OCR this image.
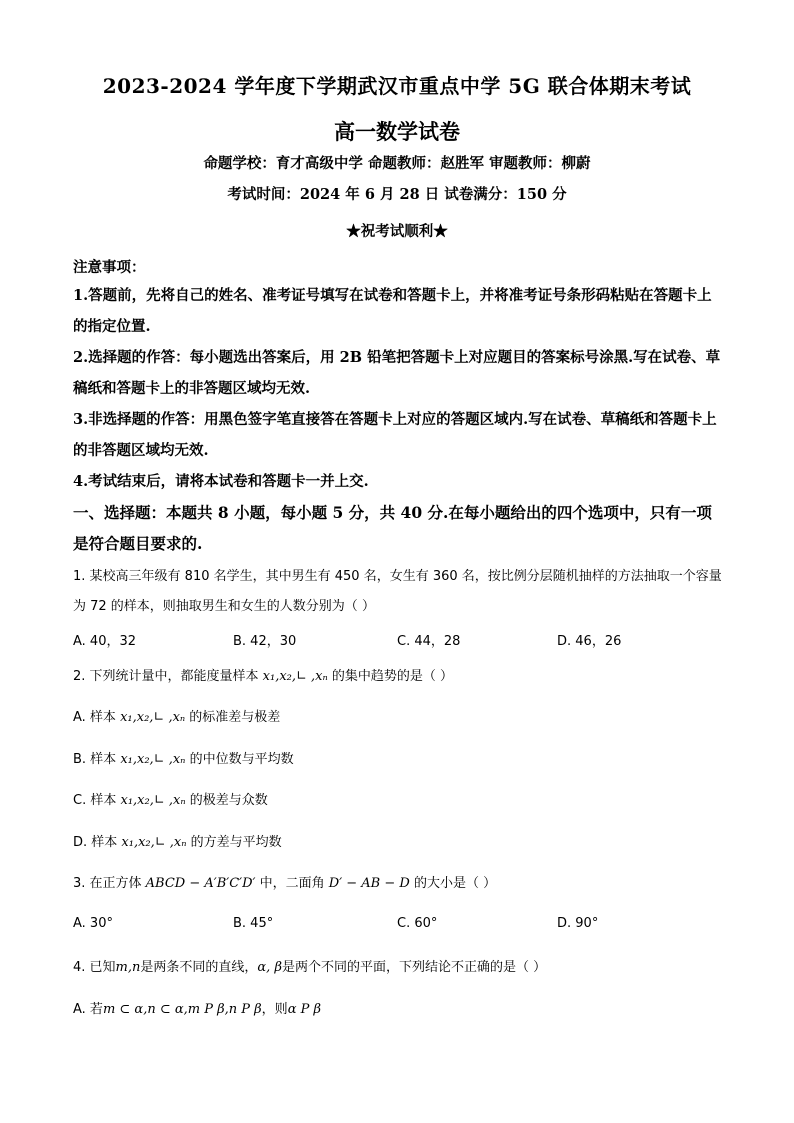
2023-2024 学年度下学期武汉市重点中学 5G 联合体期末考试
高一数学试卷
命题学校：育才高级中学 命题教师：赵胜军 审题教师：柳蔚
考试时间：2024 年 6 月 28 日 试卷满分：150 分
★祝考试顺利★
注意事项：
1.答题前，先将自己的姓名、准考证号填写在试卷和答题卡上，并将准考证号条形码粘贴在答题卡上的指定位置.
2.选择题的作答：每小题选出答案后，用 2B 铅笔把答题卡上对应题目的答案标号涂黑.写在试卷、草稿纸和答题卡上的非答题区域均无效.
3.非选择题的作答：用黑色签字笔直接答在答题卡上对应的答题区域内.写在试卷、草稿纸和答题卡上的非答题区域均无效.
4.考试结束后，请将本试卷和答题卡一并上交.
一、选择题：本题共 8 小题，每小题 5 分，共 40 分.在每小题给出的四个选项中，只有一项是符合题目要求的.
1. 某校高三年级有 810 名学生，其中男生有 450 名，女生有 360 名，按比例分层随机抽样的方法抽取一个容量为 72 的样本，则抽取男生和女生的人数分别为（ ）
A. 40，32	B. 42，30	C. 44，28	D. 46，26
2. 下列统计量中，都能度量样本 x₁,x₂,∟ ,xₙ 的集中趋势的是（ ）
A. 样本 x₁,x₂,∟ ,xₙ 的标准差与极差
B. 样本 x₁,x₂,∟ ,xₙ 的中位数与平均数
C. 样本 x₁,x₂,∟ ,xₙ 的极差与众数
D. 样本 x₁,x₂,∟ ,xₙ 的方差与平均数
3. 在正方体 ABCD − A′B′C′D′ 中，二面角 D′ − AB − D 的大小是（ ）
A. 30°	B. 45°	C. 60°	D. 90°
4. 已知m,n是两条不同的直线，α, β是两个不同的平面，下列结论不正确的是（ ）
A. 若m ⊂ α,n ⊂ α,m P β,n P β，则α P β
